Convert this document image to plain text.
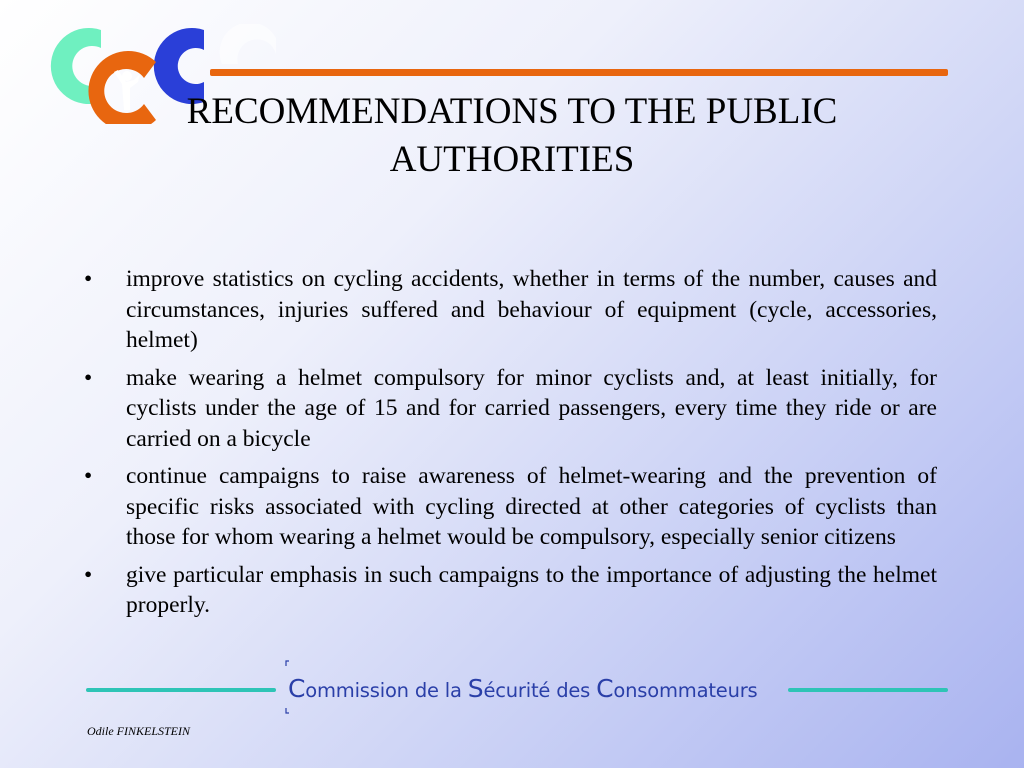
RECOMMENDATIONS TO THE PUBLIC AUTHORITIES
• improve statistics on cycling accidents, whether in terms of the number, causes and circumstances, injuries suffered and behaviour of equipment (cycle, accessories, helmet)
• make wearing a helmet compulsory for minor cyclists and, at least initially, for cyclists under the age of 15 and for carried passengers, every time they ride or are carried on a bicycle
• continue campaigns to raise awareness of helmet-wearing and the prevention of specific risks associated with cycling directed at other categories of cyclists than those for whom wearing a helmet would be compulsory, especially senior citizens
• give particular emphasis in such campaigns to the importance of adjusting the helmet properly.
Commission de la Sécurité des Consommateurs
Odile FINKELSTEIN
